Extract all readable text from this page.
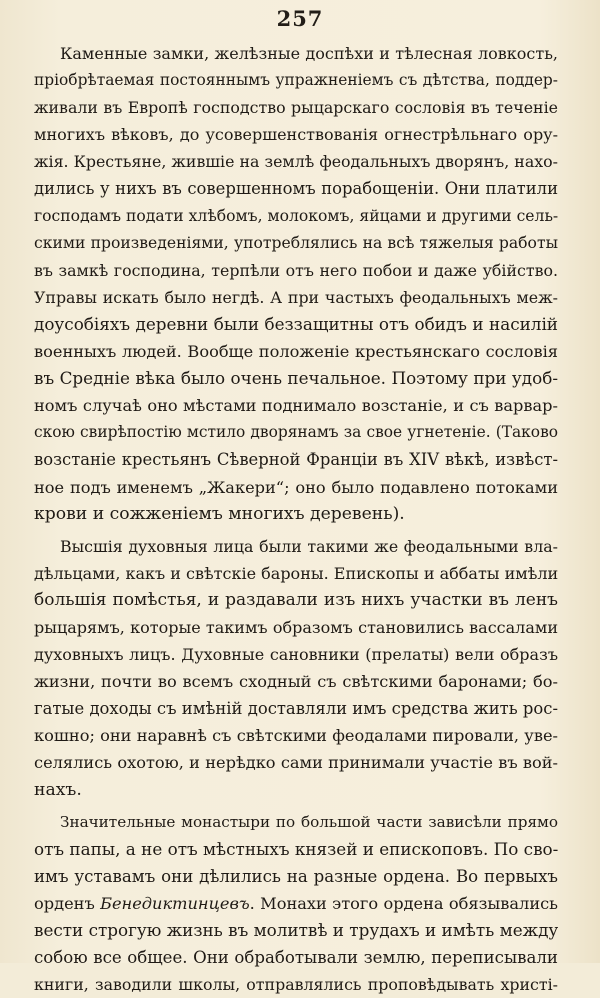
257
Каменные замки, желѣзные доспѣхи и тѣлесная ловкость,
пріобрѣтаемая постояннымъ упражненіемъ съ дѣтства, поддер-
живали въ Европѣ господство рыцарскаго сословія въ теченіе
многихъ вѣковъ, до усовершенствованія огнестрѣльнаго ору-
жія. Крестьяне, жившіе на землѣ феодальныхъ дворянъ, нахо-
дились у нихъ въ совершенномъ порабощеніи. Они платили
господамъ подати хлѣбомъ, молокомъ, яйцами и другими сель-
скими произведеніями, употреблялись на всѣ тяжелыя работы
въ замкѣ господина, терпѣли отъ него побои и даже убійство.
Управы искать было негдѣ. А при частыхъ феодальныхъ меж-
доусобіяхъ деревни были беззащитны отъ обидъ и насилій
военныхъ людей. Вообще положеніе крестьянскаго сословія
въ Средніе вѣка было очень печальное. Поэтому при удоб-
номъ случаѣ оно мѣстами поднимало возстаніе, и съ варвар-
скою свирѣпостію мстило дворянамъ за свое угнетеніе. (Таково
возстаніе крестьянъ Сѣверной Франціи въ XIV вѣкѣ, извѣст-
ное подъ именемъ „Жакери“; оно было подавлено потоками
крови и сожженіемъ многихъ деревень).
Высшія духовныя лица были такими же феодальными вла-
дѣльцами, какъ и свѣтскіе бароны. Епископы и аббаты имѣли
большія помѣстья, и раздавали изъ нихъ участки въ ленъ
рыцарямъ, которые такимъ образомъ становились вассалами
духовныхъ лицъ. Духовные сановники (прелаты) вели образъ
жизни, почти во всемъ сходный съ свѣтскими баронами; бо-
гатые доходы съ имѣній доставляли имъ средства жить рос-
кошно; они наравнѣ съ свѣтскими феодалами пировали, уве-
селялись охотою, и нерѣдко сами принимали участіе въ вой-
нахъ.
Значительные монастыри по большой части зависѣли прямо
отъ папы, а не отъ мѣстныхъ князей и епископовъ. По сво-
имъ уставамъ они дѣлились на разные ордена. Во первыхъ
орденъ Бенедиктинцевъ. Монахи этого ордена обязывались
вести строгую жизнь въ молитвѣ и трудахъ и имѣть между
собою все общее. Они обработывали землю, переписывали
книги, заводили школы, отправлялись проповѣдывать христі-
